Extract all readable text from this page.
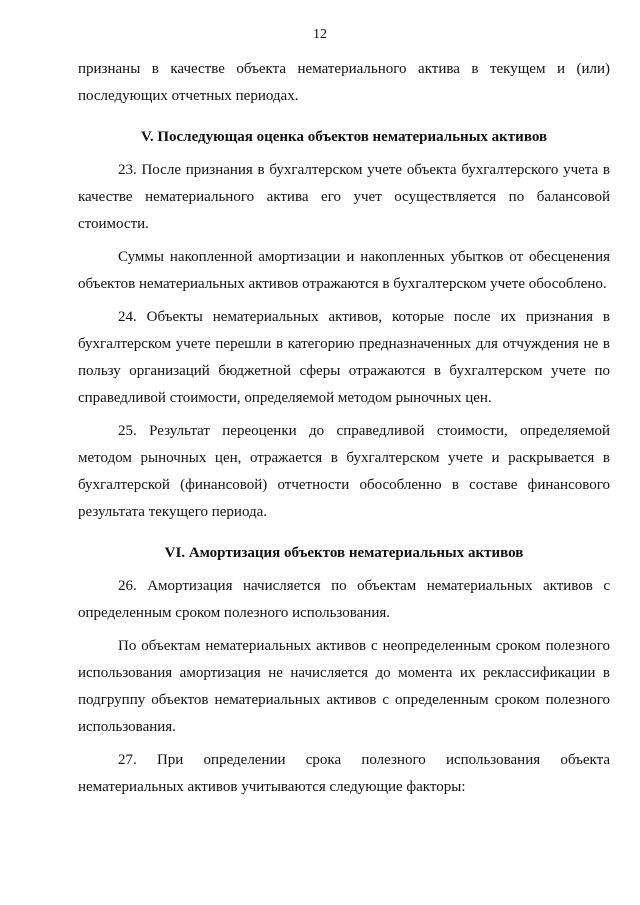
12

признаны в качестве объекта нематериального актива в текущем и (или) последующих отчетных периодах.

V. Последующая оценка объектов нематериальных активов

23. После признания в бухгалтерском учете объекта бухгалтерского учета в качестве нематериального актива его учет осуществляется по балансовой стоимости.

Суммы накопленной амортизации и накопленных убытков от обесценения объектов нематериальных активов отражаются в бухгалтерском учете обособлено.

24. Объекты нематериальных активов, которые после их признания в бухгалтерском учете перешли в категорию предназначенных для отчуждения не в пользу организаций бюджетной сферы отражаются в бухгалтерском учете по справедливой стоимости, определяемой методом рыночных цен.

25. Результат переоценки до справедливой стоимости, определяемой методом рыночных цен, отражается в бухгалтерском учете и раскрывается в бухгалтерской (финансовой) отчетности обособленно в составе финансового результата текущего периода.

VI. Амортизация объектов нематериальных активов

26. Амортизация начисляется по объектам нематериальных активов с определенным сроком полезного использования.

По объектам нематериальных активов с неопределенным сроком полезного использования амортизация не начисляется до момента их реклассификации в подгруппу объектов нематериальных активов с определенным сроком полезного использования.

27. При определении срока полезного использования объекта нематериальных активов учитываются следующие факторы:
